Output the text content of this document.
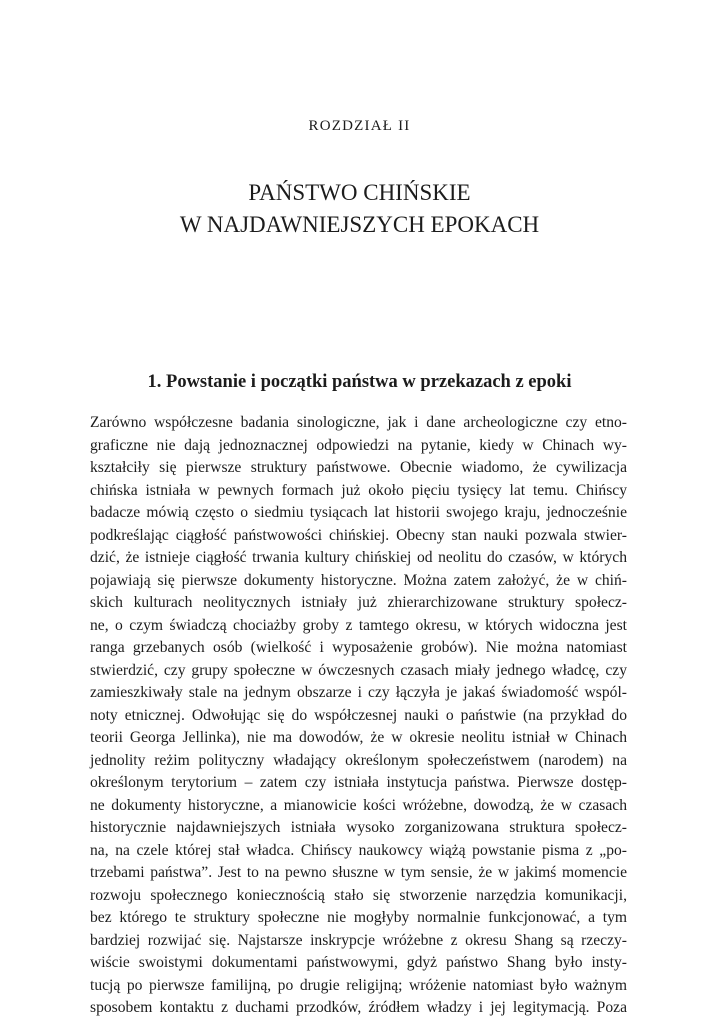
ROZDZIAŁ II
PAŃSTWO CHIŃSKIE
W NAJDAWNIEJSZYCH EPOKACH
1. Powstanie i początki państwa w przekazach z epoki
Zarówno współczesne badania sinologiczne, jak i dane archeologiczne czy etno-
graficzne nie dają jednoznacznej odpowiedzi na pytanie, kiedy w Chinach wy-
kształciły się pierwsze struktury państwowe. Obecnie wiadomo, że cywilizacja
chińska istniała w pewnych formach już około pięciu tysięcy lat temu. Chińscy
badacze mówią często o siedmiu tysiącach lat historii swojego kraju, jednocześnie
podkreślając ciągłość państwowości chińskiej. Obecny stan nauki pozwala stwier-
dzić, że istnieje ciągłość trwania kultury chińskiej od neolitu do czasów, w których
pojawiają się pierwsze dokumenty historyczne. Można zatem założyć, że w chiń-
skich kulturach neolitycznych istniały już zhierarchizowane struktury społecz-
ne, o czym świadczą chociażby groby z tamtego okresu, w których widoczna jest
ranga grzebanych osób (wielkość i wyposażenie grobów). Nie można natomiast
stwierdzić, czy grupy społeczne w ówczesnych czasach miały jednego władcę, czy
zamieszkiwały stale na jednym obszarze i czy łączyła je jakaś świadomość wspól-
noty etnicznej. Odwołując się do współczesnej nauki o państwie (na przykład do
teorii Georga Jellinka), nie ma dowodów, że w okresie neolitu istniał w Chinach
jednolity reżim polityczny władający określonym społeczeństwem (narodem) na
określonym terytorium – zatem czy istniała instytucja państwa. Pierwsze dostęp-
ne dokumenty historyczne, a mianowicie kości wróżebne, dowodzą, że w czasach
historycznie najdawniejszych istniała wysoko zorganizowana struktura społecz-
na, na czele której stał władca. Chińscy naukowcy wiążą powstanie pisma z „po-
trzebami państwa”. Jest to na pewno słuszne w tym sensie, że w jakimś momencie
rozwoju społecznego koniecznością stało się stworzenie narzędzia komunikacji,
bez którego te struktury społeczne nie mogłyby normalnie funkcjonować, a tym
bardziej rozwijać się. Najstarsze inskrypcje wróżebne z okresu Shang są rzeczy-
wiście swoistymi dokumentami państwowymi, gdyż państwo Shang było insty-
tucją po pierwsze familijną, po drugie religijną; wróżenie natomiast było ważnym
sposobem kontaktu z duchami przodków, źródłem władzy i jej legitymacją. Poza
